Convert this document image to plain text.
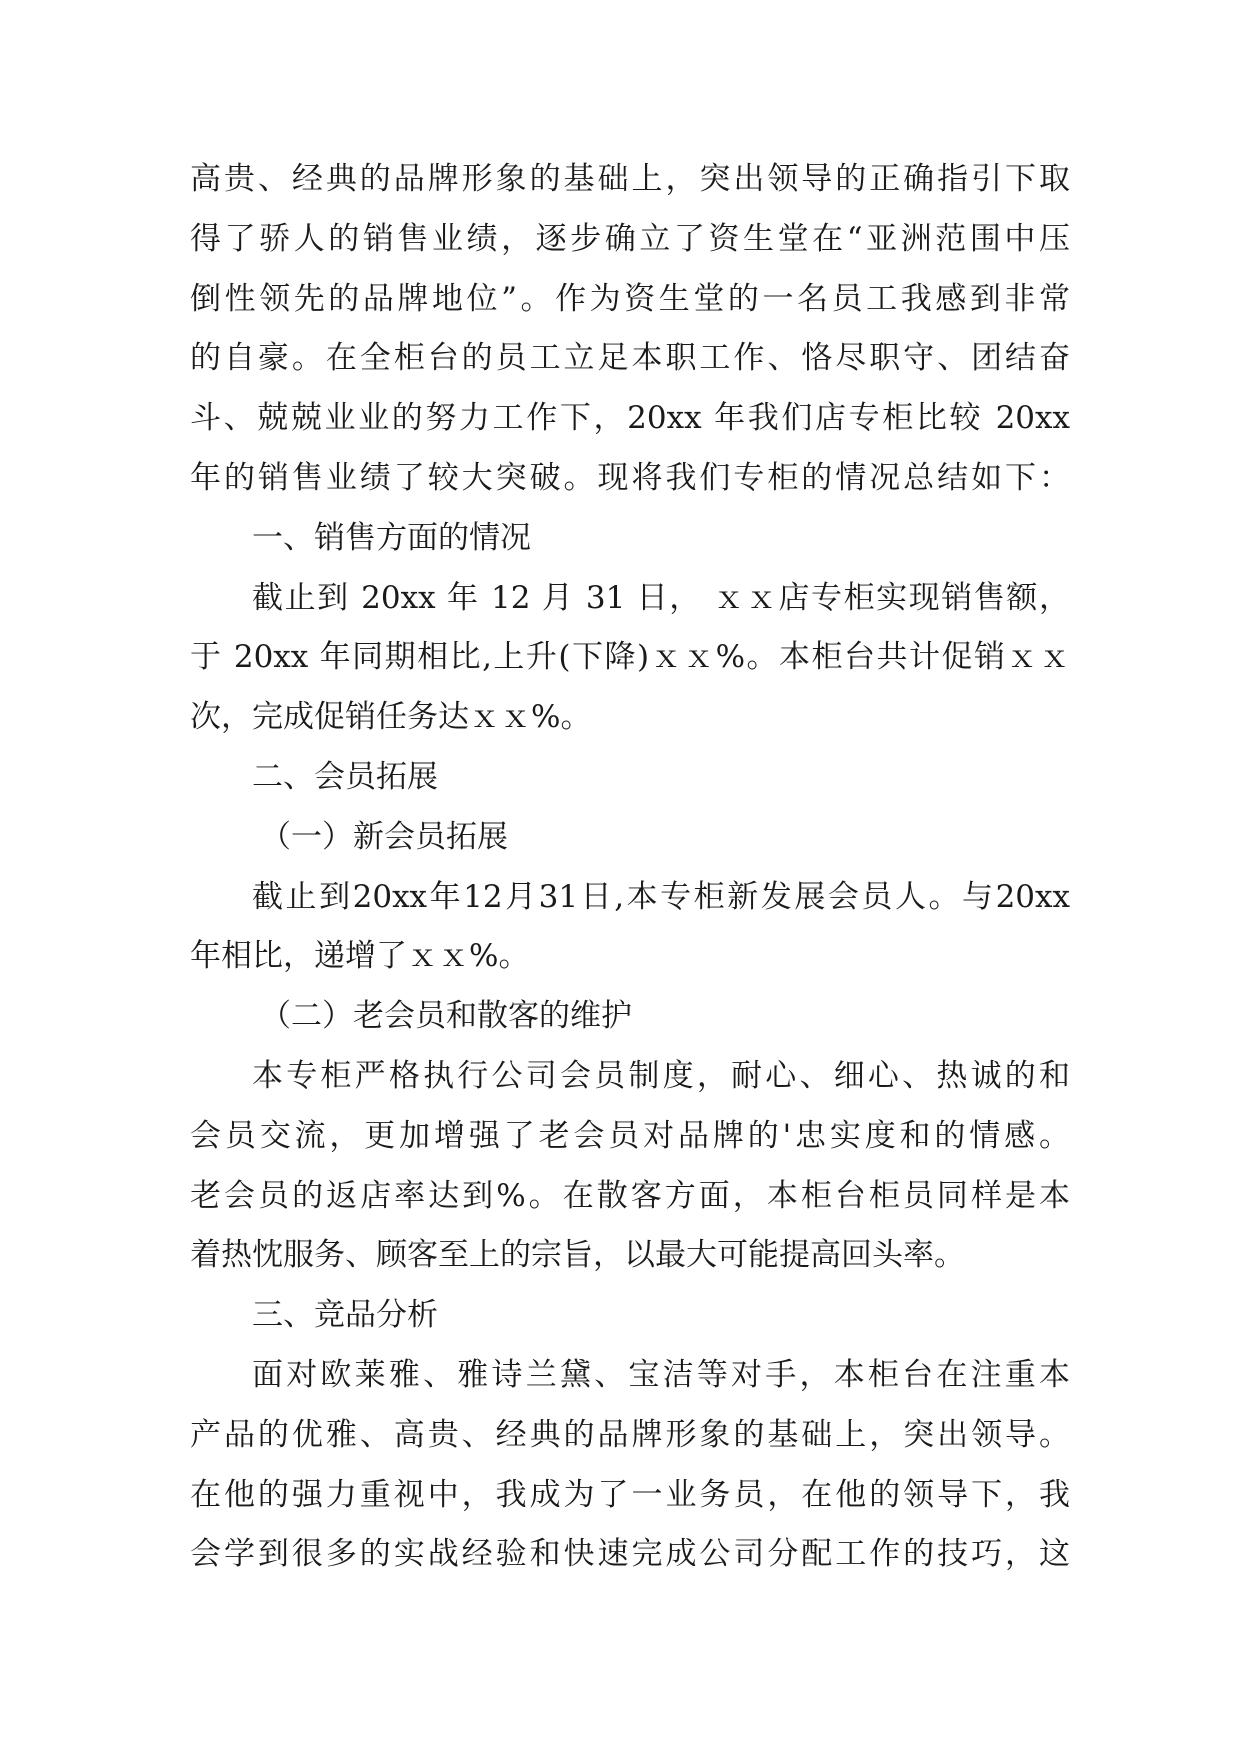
高贵、经典的品牌形象的基础上，突出领导的正确指引下取
得了骄人的销售业绩，逐步确立了资生堂在“亚洲范围中压
倒性领先的品牌地位”。作为资生堂的一名员工我感到非常
的自豪。在全柜台的员工立足本职工作、恪尽职守、团结奋
斗、兢兢业业的努力工作下，20xx 年我们店专柜比较 20xx
年的销售业绩了较大突破。现将我们专柜的情况总结如下：
一、销售方面的情况
截止到 20xx 年 12 月 31 日， ｘｘ店专柜实现销售额，
于 20xx 年同期相比,上升(下降)ｘｘ%。本柜台共计促销ｘｘ
次，完成促销任务达ｘｘ%。
二、会员拓展
（一）新会员拓展
截止到20xx年12月31日,本专柜新发展会员人。与20xx
年相比，递增了ｘｘ%。
（二）老会员和散客的维护
本专柜严格执行公司会员制度，耐心、细心、热诚的和
会员交流，更加增强了老会员对品牌的'忠实度和的情感。
老会员的返店率达到%。在散客方面，本柜台柜员同样是本
着热忱服务、顾客至上的宗旨，以最大可能提高回头率。
三、竞品分析
面对欧莱雅、雅诗兰黛、宝洁等对手，本柜台在注重本
产品的优雅、高贵、经典的品牌形象的基础上，突出领导。
在他的强力重视中，我成为了一业务员，在他的领导下，我
会学到很多的实战经验和快速完成公司分配工作的技巧，这
